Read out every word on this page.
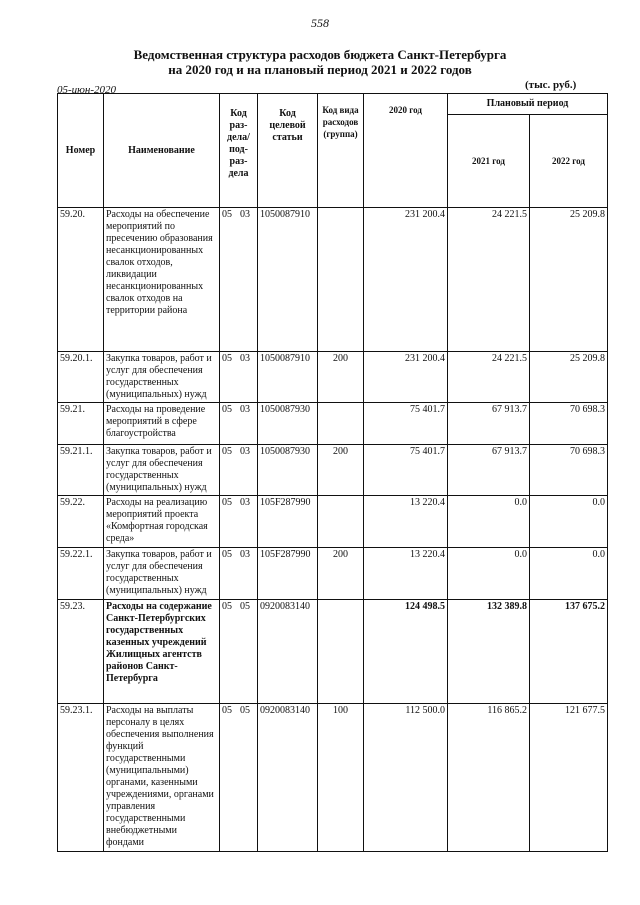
558
Ведомственная структура расходов бюджета Санкт-Петербурга
на 2020 год и на плановый период 2021 и 2022 годов
05-июн-2020	(тыс. руб.)
Номер	Наименование	Код раз-дела/ под-раз-дела	Код целевой статьи	Код вида расходов (группа)	2020 год	Плановый период	
						2021 год	2022 год
59.20.	Расходы на обеспечение мероприятий по пресечению образования несанкционированных свалок отходов, ликвидации несанкционированных свалок отходов на территории района	05 03	1050087910		231 200.4	24 221.5	25 209.8
59.20.1.	Закупка товаров, работ и услуг для обеспечения государственных (муниципальных) нужд	05 03	1050087910	200	231 200.4	24 221.5	25 209.8
59.21.	Расходы на проведение мероприятий в сфере благоустройства	05 03	1050087930		75 401.7	67 913.7	70 698.3
59.21.1.	Закупка товаров, работ и услуг для обеспечения государственных (муниципальных) нужд	05 03	1050087930	200	75 401.7	67 913.7	70 698.3
59.22.	Расходы на реализацию мероприятий проекта «Комфортная городская среда»	05 03	105F287990		13 220.4	0.0	0.0
59.22.1.	Закупка товаров, работ и услуг для обеспечения государственных (муниципальных) нужд	05 03	105F287990	200	13 220.4	0.0	0.0
59.23.	Расходы на содержание Санкт-Петербургских государственных казенных учреждений Жилищных агентств районов Санкт-Петербурга	05 05	0920083140		124 498.5	132 389.8	137 675.2
59.23.1.	Расходы на выплаты персоналу в целях обеспечения выполнения функций государственными (муниципальными) органами, казенными учреждениями, органами управления государственными внебюджетными фондами	05 05	0920083140	100	112 500.0	116 865.2	121 677.5
